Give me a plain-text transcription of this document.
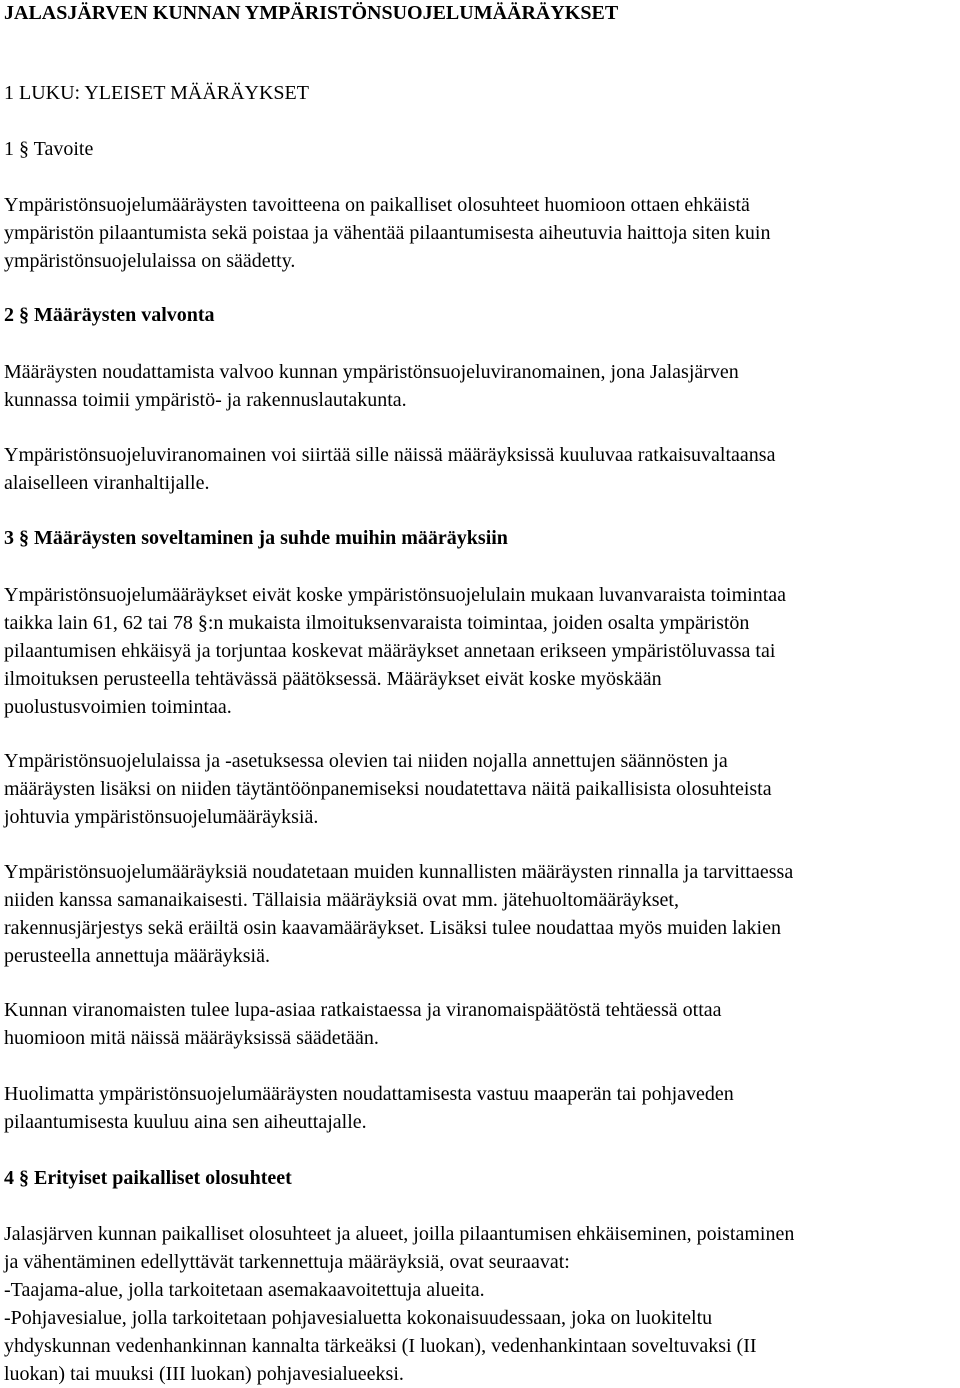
JALASJÄRVEN KUNNAN YMPÄRISTÖNSUOJELUMÄÄRÄYKSET
1 LUKU: YLEISET MÄÄRÄYKSET
1 § Tavoite

Ympäristönsuojelumääräysten tavoitteena on paikalliset olosuhteet huomioon ottaen ehkäistä
ympäristön pilaantumista sekä poistaa ja vähentää pilaantumisesta aiheutuvia haittoja siten kuin
ympäristönsuojelulaissa on säädetty.

2 § Määräysten valvonta

Määräysten noudattamista valvoo kunnan ympäristönsuojeluviranomainen, jona Jalasjärven
kunnassa toimii ympäristö- ja rakennuslautakunta.

Ympäristönsuojeluviranomainen voi siirtää sille näissä määräyksissä kuuluvaa ratkaisuvaltaansa
alaiselleen viranhaltijalle.

3 § Määräysten soveltaminen ja suhde muihin määräyksiin

Ympäristönsuojelumääräykset eivät koske ympäristönsuojelulain mukaan luvanvaraista toimintaa
taikka lain 61, 62 tai 78 §:n mukaista ilmoituksenvaraista toimintaa, joiden osalta ympäristön
pilaantumisen ehkäisyä ja torjuntaa koskevat määräykset annetaan erikseen ympäristöluvassa tai
ilmoituksen perusteella tehtävässä päätöksessä. Määräykset eivät koske myöskään
puolustusvoimien toimintaa.

Ympäristönsuojelulaissa ja -asetuksessa olevien tai niiden nojalla annettujen säännösten ja
määräysten lisäksi on niiden täytäntöönpanemiseksi noudatettava näitä paikallisista olosuhteista
johtuvia ympäristönsuojelumääräyksiä.

Ympäristönsuojelumääräyksiä noudatetaan muiden kunnallisten määräysten rinnalla ja tarvittaessa
niiden kanssa samanaikaisesti. Tällaisia määräyksiä ovat mm. jätehuoltomääräykset,
rakennusjärjestys sekä eräiltä osin kaavamääräykset. Lisäksi tulee noudattaa myös muiden lakien
perusteella annettuja määräyksiä.

Kunnan viranomaisten tulee lupa-asiaa ratkaistaessa ja viranomaispäätöstä tehtäessä ottaa
huomioon mitä näissä määräyksissä säädetään.

Huolimatta ympäristönsuojelumääräysten noudattamisesta vastuu maaperän tai pohjaveden
pilaantumisesta kuuluu aina sen aiheuttajalle.

4 § Erityiset paikalliset olosuhteet

Jalasjärven kunnan paikalliset olosuhteet ja alueet, joilla pilaantumisen ehkäiseminen, poistaminen
ja vähentäminen edellyttävät tarkennettuja määräyksiä, ovat seuraavat:
-Taajama-alue, jolla tarkoitetaan asemakaavoitettuja alueita.
-Pohjavesialue, jolla tarkoitetaan pohjavesialuetta kokonaisuudessaan, joka on luokiteltu
yhdyskunnan vedenhankinnan kannalta tärkeäksi (I luokan), vedenhankintaan soveltuvaksi (II
luokan) tai muuksi (III luokan) pohjavesialueeksi.
